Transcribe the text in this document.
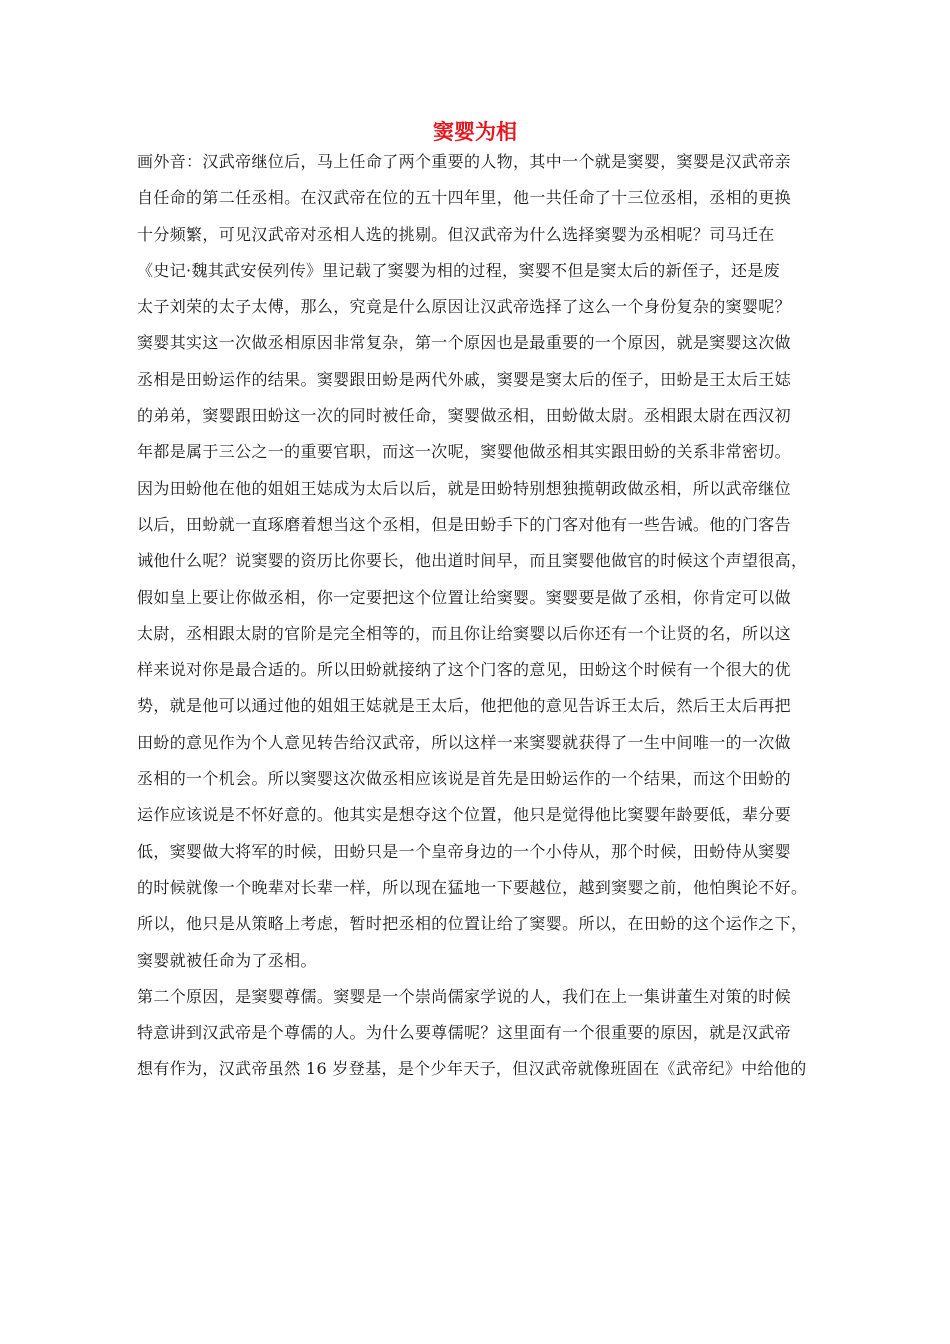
窦婴为相
画外音：汉武帝继位后，马上任命了两个重要的人物，其中一个就是窦婴，窦婴是汉武帝亲
自任命的第二任丞相。在汉武帝在位的五十四年里，他一共任命了十三位丞相，丞相的更换
十分频繁，可见汉武帝对丞相人选的挑剔。但汉武帝为什么选择窦婴为丞相呢？司马迁在
《史记·魏其武安侯列传》里记载了窦婴为相的过程，窦婴不但是窦太后的新侄子，还是废
太子刘荣的太子太傅，那么，究竟是什么原因让汉武帝选择了这么一个身份复杂的窦婴呢？
窦婴其实这一次做丞相原因非常复杂，第一个原因也是最重要的一个原因，就是窦婴这次做
丞相是田蚡运作的结果。窦婴跟田蚡是两代外戚，窦婴是窦太后的侄子，田蚡是王太后王娡
的弟弟，窦婴跟田蚡这一次的同时被任命，窦婴做丞相，田蚡做太尉。丞相跟太尉在西汉初
年都是属于三公之一的重要官职，而这一次呢，窦婴他做丞相其实跟田蚡的关系非常密切。
因为田蚡他在他的姐姐王娡成为太后以后，就是田蚡特别想独揽朝政做丞相，所以武帝继位
以后，田蚡就一直琢磨着想当这个丞相，但是田蚡手下的门客对他有一些告诫。他的门客告
诫他什么呢？说窦婴的资历比你要长，他出道时间早，而且窦婴他做官的时候这个声望很高，
假如皇上要让你做丞相，你一定要把这个位置让给窦婴。窦婴要是做了丞相，你肯定可以做
太尉，丞相跟太尉的官阶是完全相等的，而且你让给窦婴以后你还有一个让贤的名，所以这
样来说对你是最合适的。所以田蚡就接纳了这个门客的意见，田蚡这个时候有一个很大的优
势，就是他可以通过他的姐姐王娡就是王太后，他把他的意见告诉王太后，然后王太后再把
田蚡的意见作为个人意见转告给汉武帝，所以这样一来窦婴就获得了一生中间唯一的一次做
丞相的一个机会。所以窦婴这次做丞相应该说是首先是田蚡运作的一个结果，而这个田蚡的
运作应该说是不怀好意的。他其实是想夺这个位置，他只是觉得他比窦婴年龄要低，辈分要
低，窦婴做大将军的时候，田蚡只是一个皇帝身边的一个小侍从，那个时候，田蚡侍从窦婴
的时候就像一个晚辈对长辈一样，所以现在猛地一下要越位，越到窦婴之前，他怕舆论不好。
所以，他只是从策略上考虑，暂时把丞相的位置让给了窦婴。所以，在田蚡的这个运作之下，
窦婴就被任命为了丞相。
第二个原因，是窦婴尊儒。窦婴是一个崇尚儒家学说的人，我们在上一集讲董生对策的时候
特意讲到汉武帝是个尊儒的人。为什么要尊儒呢？这里面有一个很重要的原因，就是汉武帝
想有作为，汉武帝虽然 16 岁登基，是个少年天子，但汉武帝就像班固在《武帝纪》中给他的
